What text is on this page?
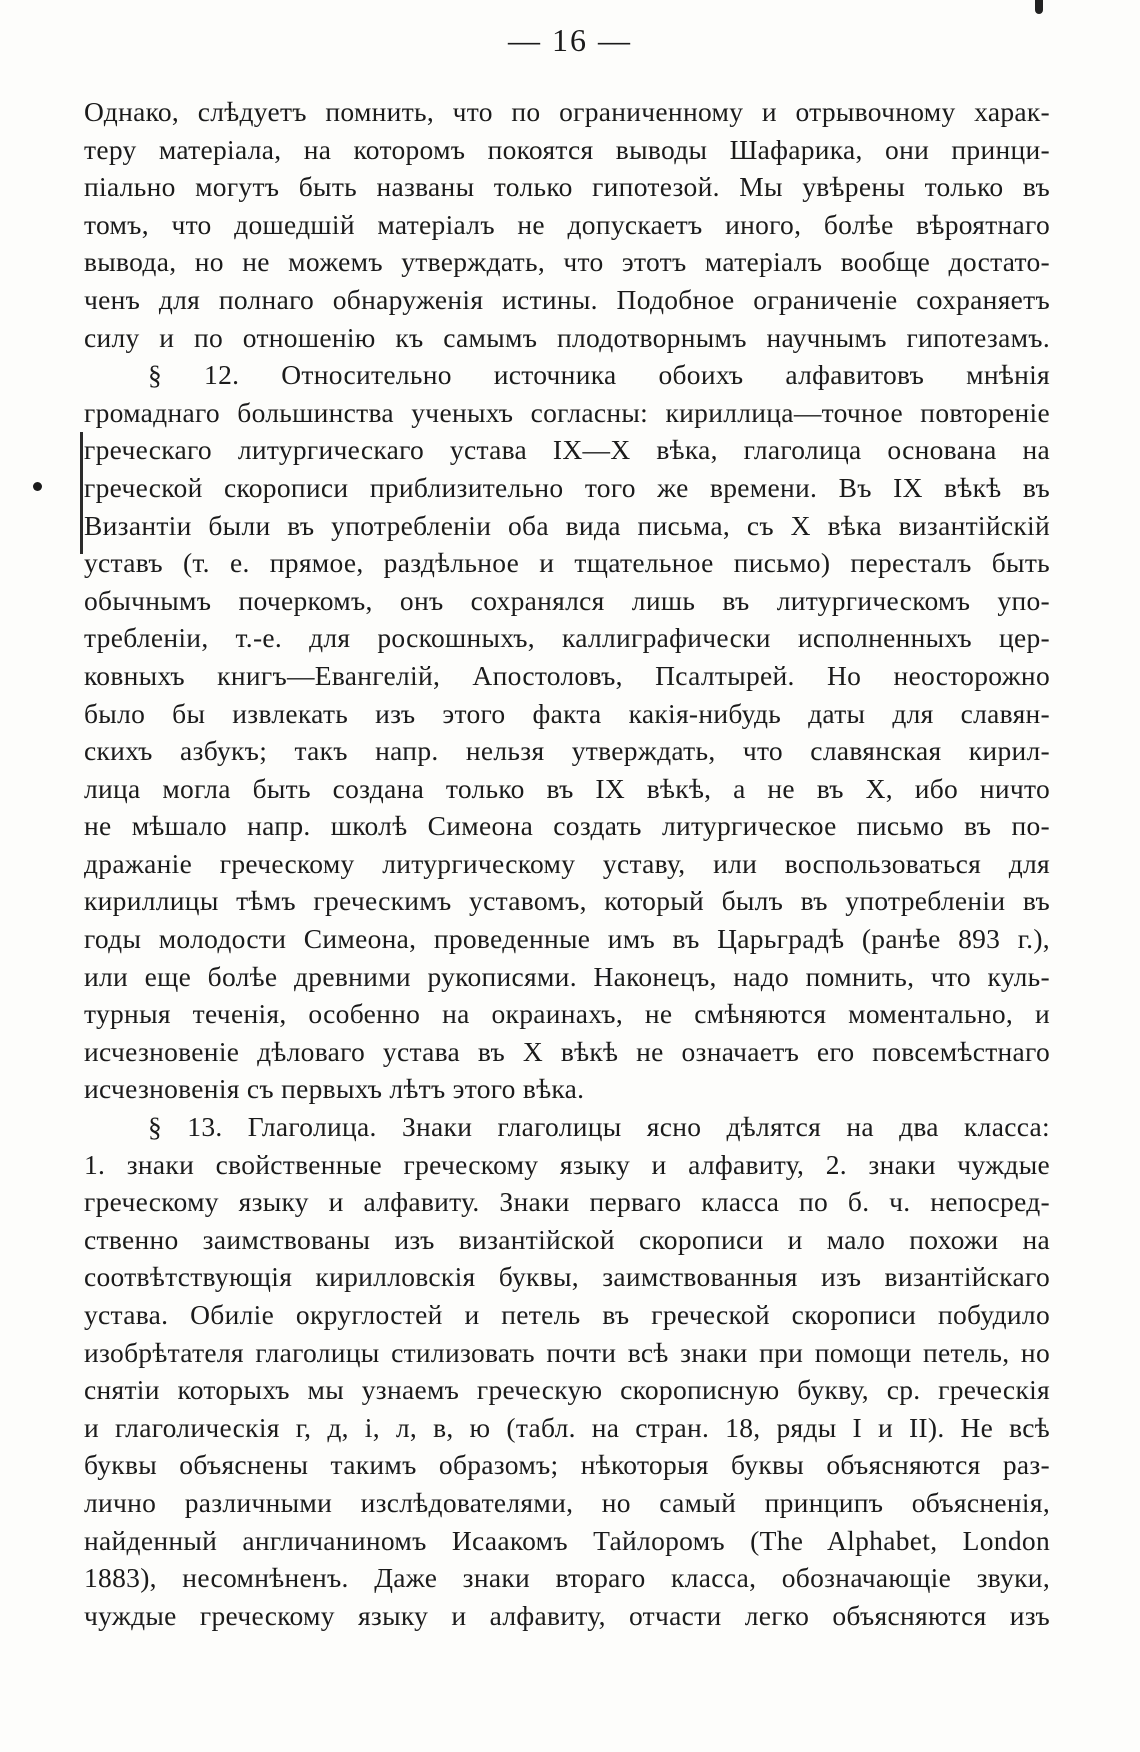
— 16 —

Однако, слѣдуетъ помнить, что по ограниченному и отрывочному харак-
теру матеріала, на которомъ покоятся выводы Шафарика, они принци-
піально могутъ быть названы только гипотезой. Мы увѣрены только въ
томъ, что дошедшій матеріалъ не допускаетъ иного, болѣе вѣроятнаго
вывода, но не можемъ утверждать, что этотъ матеріалъ вообще достато-
ченъ для полнаго обнаруженія истины. Подобное ограниченіе сохраняетъ
силу и по отношенію къ самымъ плодотворнымъ научнымъ гипотезамъ.

§ 12. Относительно источника обоихъ алфавитовъ мнѣнія
громаднаго большинства ученыхъ согласны: кириллица—точное повтореніе
греческаго литургическаго устава IX—X вѣка, глаголица основана на
греческой скорописи приблизительно того же времени. Въ IX вѣкѣ въ
Византіи были въ употребленіи оба вида письма, съ X вѣка византійскій
уставъ (т. е. прямое, раздѣльное и тщательное письмо) пересталъ быть
обычнымъ почеркомъ, онъ сохранялся лишь въ литургическомъ упо-
требленіи, т.-е. для роскошныхъ, каллиграфически исполненныхъ цер-
ковныхъ книгъ—Евангелій, Апостоловъ, Псалтырей. Но неосторожно
было бы извлекать изъ этого факта какія-нибудь даты для славян-
скихъ азбукъ; такъ напр. нельзя утверждать, что славянская кирил-
лица могла быть создана только въ IX вѣкѣ, а не въ X, ибо ничто
не мѣшало напр. школѣ Симеона создать литургическое письмо въ по-
дражаніе греческому литургическому уставу, или воспользоваться для
кириллицы тѣмъ греческимъ уставомъ, который былъ въ употребленіи въ
годы молодости Симеона, проведенные имъ въ Царьградѣ (ранѣе 893 г.),
или еще болѣе древними рукописями. Наконецъ, надо помнить, что куль-
турныя теченія, особенно на окраинахъ, не смѣняются моментально, и
исчезновеніе дѣловаго устава въ X вѣкѣ не означаетъ его повсемѣстнаго
исчезновенія съ первыхъ лѣтъ этого вѣка.

§ 13. Глаголица. Знаки глаголицы ясно дѣлятся на два класса:
1. знаки свойственные греческому языку и алфавиту, 2. знаки чуждые
греческому языку и алфавиту. Знаки перваго класса по б. ч. непосред-
ственно заимствованы изъ византійской скорописи и мало похожи на
соотвѣтствующія кирилловскія буквы, заимствованныя изъ византійскаго
устава. Обиліе округлостей и петель въ греческой скорописи побудило
изобрѣтателя глаголицы стилизовать почти всѣ знаки при помощи петель, но
снятіи которыхъ мы узнаемъ греческую скорописную букву, ср. греческія
и глаголическія г, д, і, л, в, ю (табл. на стран. 18, ряды I и II). Не всѣ
буквы объяснены такимъ образомъ; нѣкоторыя буквы объясняются раз-
лично различными изслѣдователями, но самый принципъ объясненія,
найденный англичаниномъ Исаакомъ Тайлоромъ (The Alphabet, London
1883), несомнѣненъ. Даже знаки втораго класса, обозначающіе звуки,
чуждые греческому языку и алфавиту, отчасти легко объясняются изъ
